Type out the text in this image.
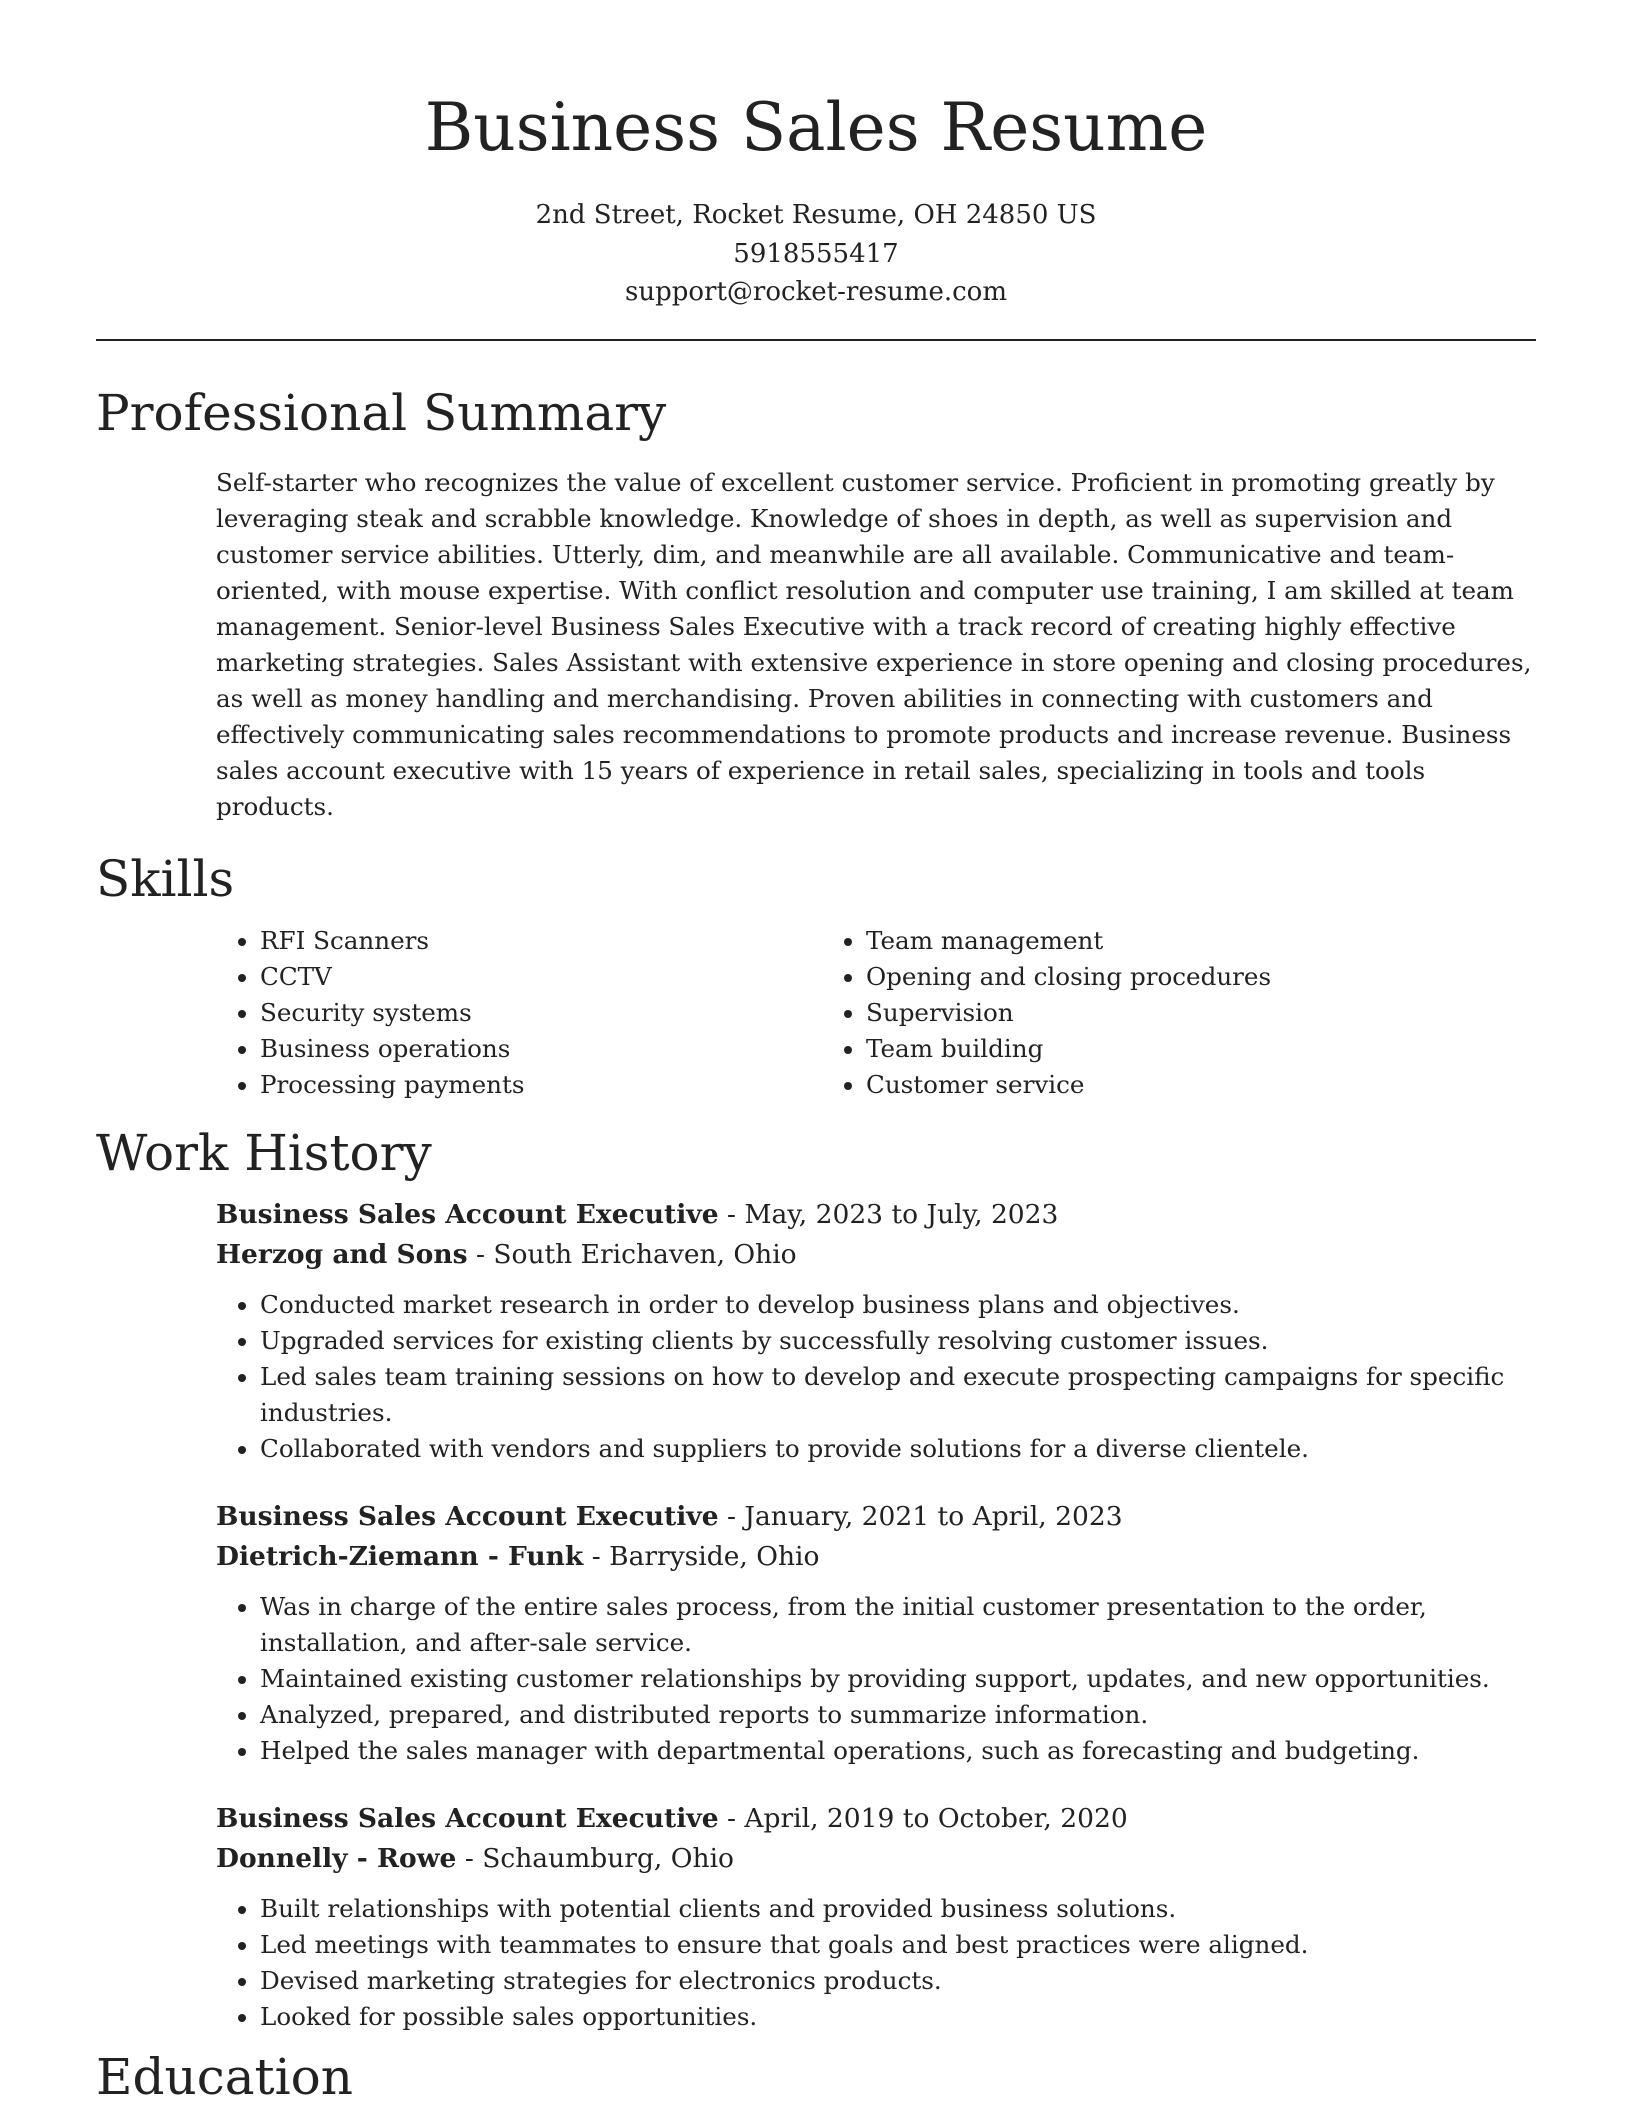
Business Sales Resume
2nd Street, Rocket Resume, OH 24850 US
5918555417
support@rocket-resume.com
Professional Summary
Self-starter who recognizes the value of excellent customer service. Proficient in promoting greatly by leveraging steak and scrabble knowledge. Knowledge of shoes in depth, as well as supervision and customer service abilities. Utterly, dim, and meanwhile are all available. Communicative and team-oriented, with mouse expertise. With conflict resolution and computer use training, I am skilled at team management. Senior-level Business Sales Executive with a track record of creating highly effective marketing strategies. Sales Assistant with extensive experience in store opening and closing procedures, as well as money handling and merchandising. Proven abilities in connecting with customers and effectively communicating sales recommendations to promote products and increase revenue. Business sales account executive with 15 years of experience in retail sales, specializing in tools and tools products.
Skills
• RFI Scanners
• CCTV
• Security systems
• Business operations
• Processing payments
• Team management
• Opening and closing procedures
• Supervision
• Team building
• Customer service
Work History
Business Sales Account Executive - May, 2023 to July, 2023
Herzog and Sons - South Erichaven, Ohio
• Conducted market research in order to develop business plans and objectives.
• Upgraded services for existing clients by successfully resolving customer issues.
• Led sales team training sessions on how to develop and execute prospecting campaigns for specific industries.
• Collaborated with vendors and suppliers to provide solutions for a diverse clientele.
Business Sales Account Executive - January, 2021 to April, 2023
Dietrich-Ziemann - Funk - Barryside, Ohio
• Was in charge of the entire sales process, from the initial customer presentation to the order, installation, and after-sale service.
• Maintained existing customer relationships by providing support, updates, and new opportunities.
• Analyzed, prepared, and distributed reports to summarize information.
• Helped the sales manager with departmental operations, such as forecasting and budgeting.
Business Sales Account Executive - April, 2019 to October, 2020
Donnelly - Rowe - Schaumburg, Ohio
• Built relationships with potential clients and provided business solutions.
• Led meetings with teammates to ensure that goals and best practices were aligned.
• Devised marketing strategies for electronics products.
• Looked for possible sales opportunities.
Education
